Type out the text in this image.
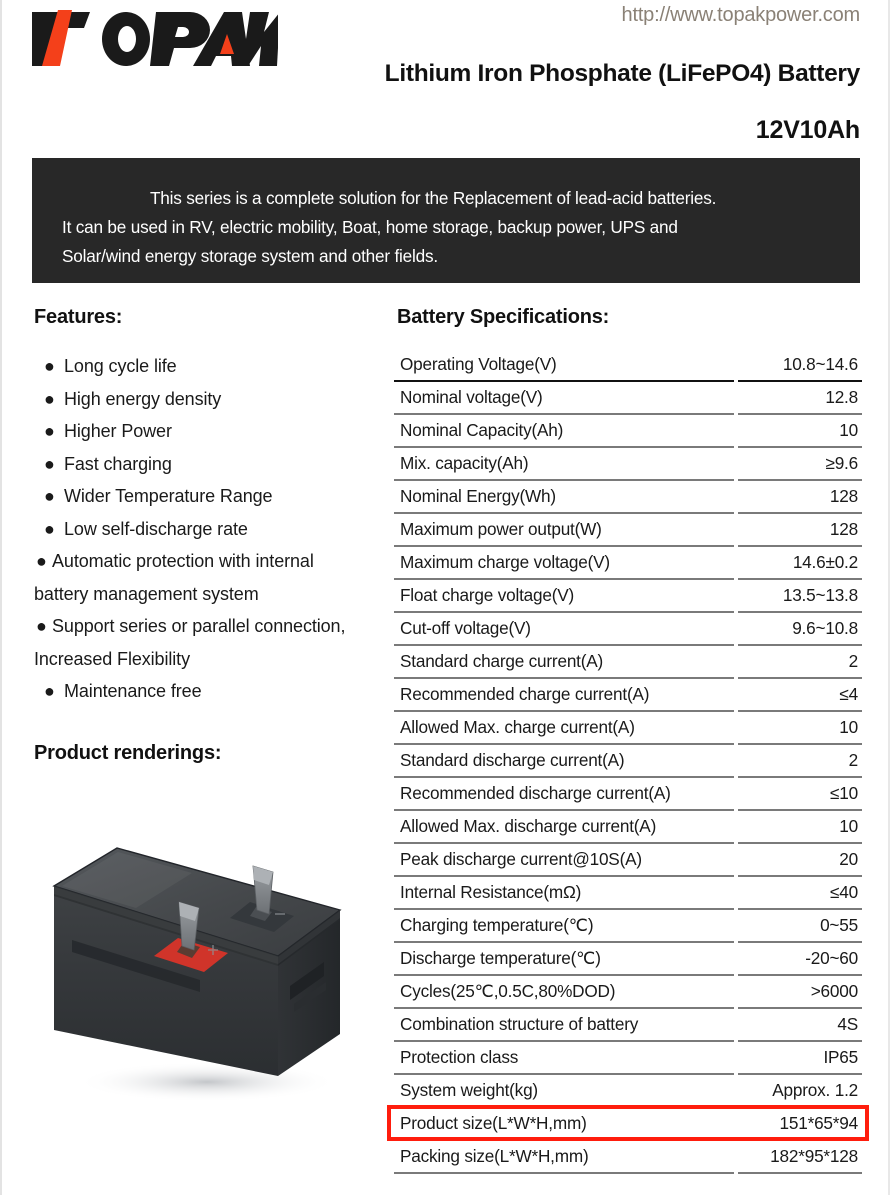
http://www.topakpower.com
Lithium Iron Phosphate (LiFePO4) Battery
12V10Ah
This series is a complete solution for the Replacement of lead-acid batteries.
It can be used in RV, electric mobility, Boat, home storage, backup power, UPS and
Solar/wind energy storage system and other fields.
Features:
● Long cycle life
● High energy density
● Higher Power
● Fast charging
● Wider Temperature Range
● Low self-discharge rate
● Automatic protection with internal
battery management system
● Support series or parallel connection,
Increased Flexibility
● Maintenance free
Product renderings:
Battery Specifications:
Operating Voltage(V)	10.8~14.6
Nominal voltage(V)	12.8
Nominal Capacity(Ah)	10
Mix. capacity(Ah)	≥9.6
Nominal Energy(Wh)	128
Maximum power output(W)	128
Maximum charge voltage(V)	14.6±0.2
Float charge voltage(V)	13.5~13.8
Cut-off voltage(V)	9.6~10.8
Standard charge current(A)	2
Recommended charge current(A)	≤4
Allowed Max. charge current(A)	10
Standard discharge current(A)	2
Recommended discharge current(A)	≤10
Allowed Max. discharge current(A)	10
Peak discharge current@10S(A)	20
Internal Resistance(mΩ)	≤40
Charging temperature(℃)	0~55
Discharge temperature(℃)	-20~60
Cycles(25℃,0.5C,80%DOD)	>6000
Combination structure of battery	4S
Protection class	IP65
System weight(kg)	Approx. 1.2
Product size(L*W*H,mm)	151*65*94
Packing size(L*W*H,mm)	182*95*128
